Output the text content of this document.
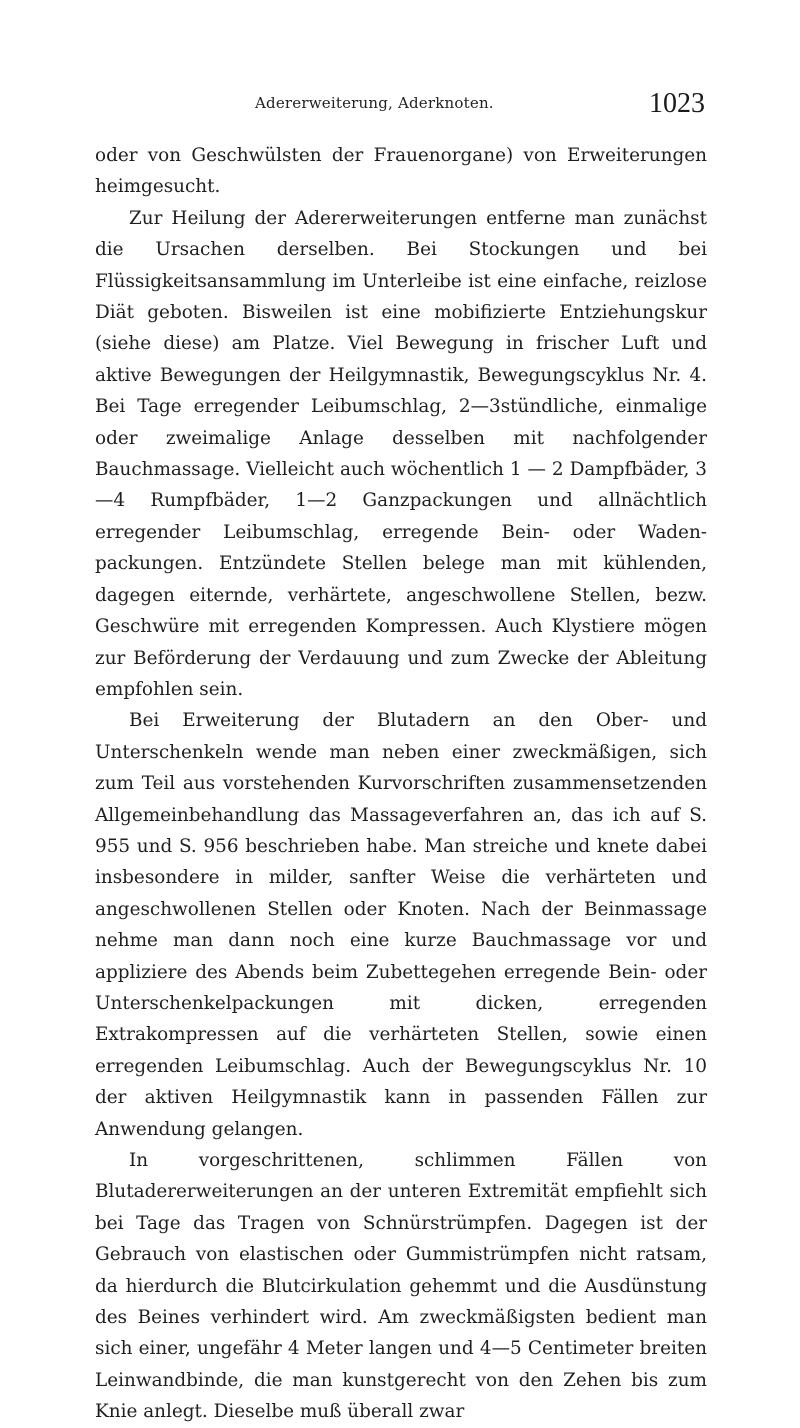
Adererweiterung, Aderknoten.	1023

oder von Geschwülsten der Frauenorgane) von Erweiterungen heimgesucht.

Zur Heilung der Adererweiterungen entferne man zunächst die Ursachen derselben. Bei Stockungen und bei Flüssigkeitsansammlung im Unterleibe ist eine einfache, reizlose Diät geboten. Bisweilen ist eine mobifizierte Entziehungskur (siehe diese) am Platze. Viel Bewegung in frischer Luft und aktive Bewegungen der Heilgymnastik, Bewegungscyklus Nr. 4. Bei Tage erregender Leibumschlag, 2—3stündliche, einmalige oder zweimalige Anlage desselben mit nachfolgender Bauchmassage. Vielleicht auch wöchentlich 1 — 2 Dampfbäder, 3—4 Rumpfbäder, 1—2 Ganzpackungen und allnächtlich erregender Leibumschlag, erregende Bein- oder Waden-packungen. Entzündete Stellen belege man mit kühlenden, dagegen eiternde, verhärtete, angeschwollene Stellen, bezw. Geschwüre mit erregenden Kompressen. Auch Klystiere mögen zur Beförderung der Verdauung und zum Zwecke der Ableitung empfohlen sein.

Bei Erweiterung der Blutadern an den Ober- und Unterschenkeln wende man neben einer zweckmäßigen, sich zum Teil aus vorstehenden Kurvorschriften zusammensetzenden Allgemeinbehandlung das Massageverfahren an, das ich auf S. 955 und S. 956 beschrieben habe. Man streiche und knete dabei insbesondere in milder, sanfter Weise die verhärteten und angeschwollenen Stellen oder Knoten. Nach der Beinmassage nehme man dann noch eine kurze Bauchmassage vor und appliziere des Abends beim Zubettegehen erregende Bein- oder Unterschenkelpackungen mit dicken, erregenden Extrakompressen auf die verhärteten Stellen, sowie einen erregenden Leibumschlag. Auch der Bewegungscyklus Nr. 10 der aktiven Heilgymnastik kann in passenden Fällen zur Anwendung gelangen.

In vorgeschrittenen, schlimmen Fällen von Blutadererweiterungen an der unteren Extremität empfiehlt sich bei Tage das Tragen von Schnürstrümpfen. Dagegen ist der Gebrauch von elastischen oder Gummistrümpfen nicht ratsam, da hierdurch die Blutcirkulation gehemmt und die Ausdünstung des Beines verhindert wird. Am zweckmäßigsten bedient man sich einer, ungefähr 4 Meter langen und 4—5 Centimeter breiten Leinwandbinde, die man kunstgerecht von den Zehen bis zum Knie anlegt. Dieselbe muß überall zwar
